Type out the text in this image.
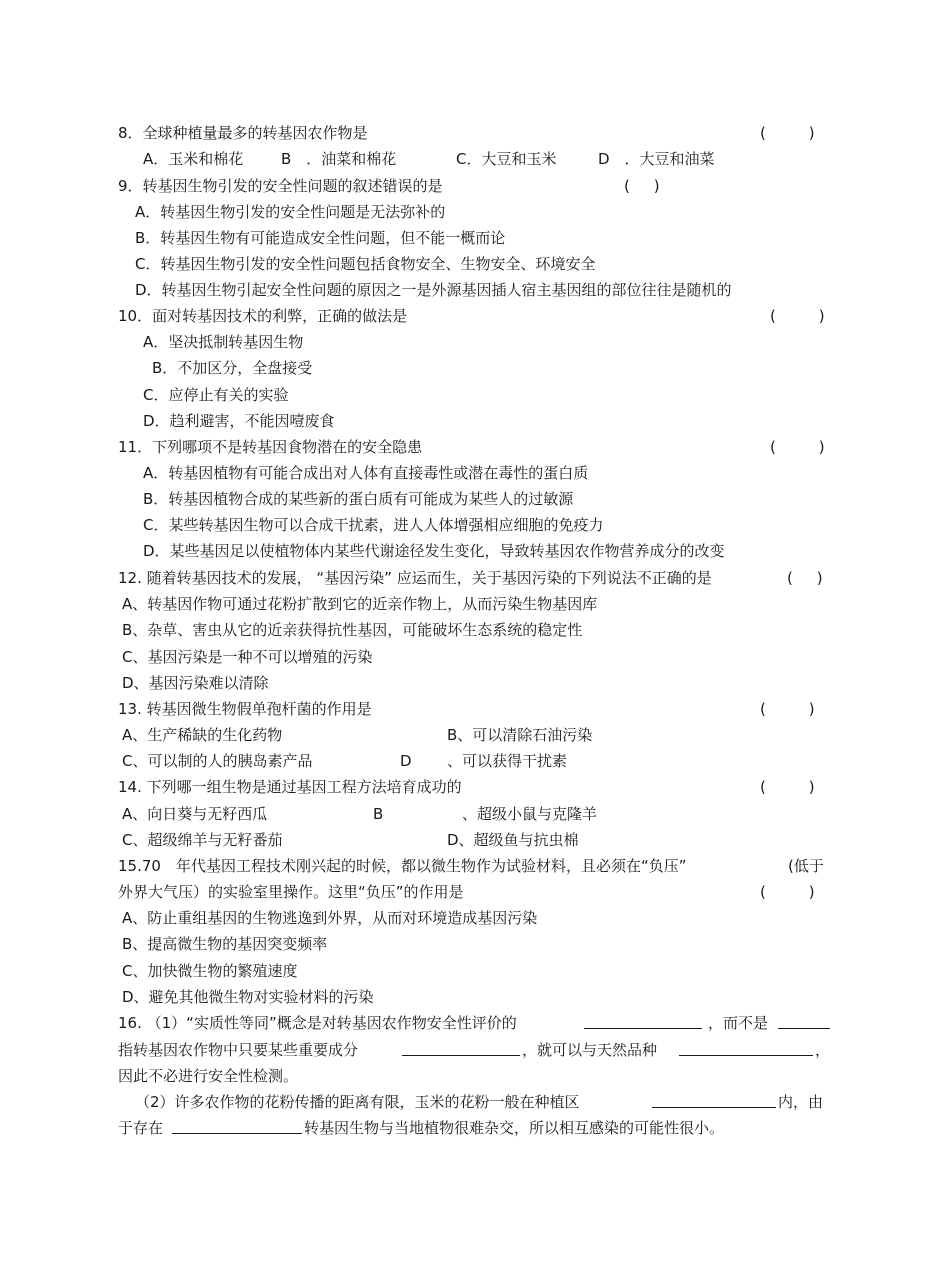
8．全球种植量最多的转基因农作物是	(         )
A．玉米和棉花	B　．油菜和棉花	C．大豆和玉米	D　．大豆和油菜
9．转基因生物引发的安全性问题的叙述错误的是	(     )
A．转基因生物引发的安全性问题是无法弥补的
B．转基因生物有可能造成安全性问题，但不能一概而论
C．转基因生物引发的安全性问题包括食物安全、生物安全、环境安全
D．转基因生物引起安全性问题的原因之一是外源基因插人宿主基因组的部位往往是随机的
10．面对转基因技术的利弊，正确的做法是	(         )
A．坚决抵制转基因生物
B．不加区分，全盘接受
C．应停止有关的实验
D．趋利避害，不能因噎废食
11．下列哪项不是转基因食物潜在的安全隐患	(         )
A．转基因植物有可能合成出对人体有直接毒性或潜在毒性的蛋白质
B．转基因植物合成的某些新的蛋白质有可能成为某些人的过敏源
C．某些转基因生物可以合成干扰素，进人人体增强相应细胞的免疫力
D．某些基因足以使植物体内某些代谢途径发生变化，导致转基因农作物营养成分的改变
12. 随着转基因技术的发展， “基因污染” 应运而生，关于基因污染的下列说法不正确的是	(     )
A、转基因作物可通过花粉扩散到它的近亲作物上，从而污染生物基因库
B、杂草、害虫从它的近亲获得抗性基因，可能破坏生态系统的稳定性
C、基因污染是一种不可以增殖的污染
D、基因污染难以清除
13. 转基因微生物假单孢杆菌的作用是	(         )
A、生产稀缺的生化药物	B、可以清除石油污染
C、可以制的人的胰岛素产品	D 、可以获得干扰素
14. 下列哪一组生物是通过基因工程方法培育成功的	(         )
A、向日葵与无籽西瓜	B	、超级小鼠与克隆羊
C、超级绵羊与无籽番茄	D、超级鱼与抗虫棉
15.70　年代基因工程技术刚兴起的时候，都以微生物作为试验材料，且必须在“负压”	(低于
外界大气压）的实验室里操作。这里“负压”的作用是	(         )
A、防止重组基因的生物逃逸到外界，从而对环境造成基因污染
B、提高微生物的基因突变频率
C、加快微生物的繁殖速度
D、避免其他微生物对实验材料的污染
16. （1）“实质性等同”概念是对转基因农作物安全性评价的	，而不是
指转基因农作物中只要某些重要成分	，就可以与天然品种	，
因此不必进行安全性检测。
（2）许多农作物的花粉传播的距离有限，玉米的花粉一般在种植区	内，由
于存在	转基因生物与当地植物很难杂交，所以相互感染的可能性很小。
